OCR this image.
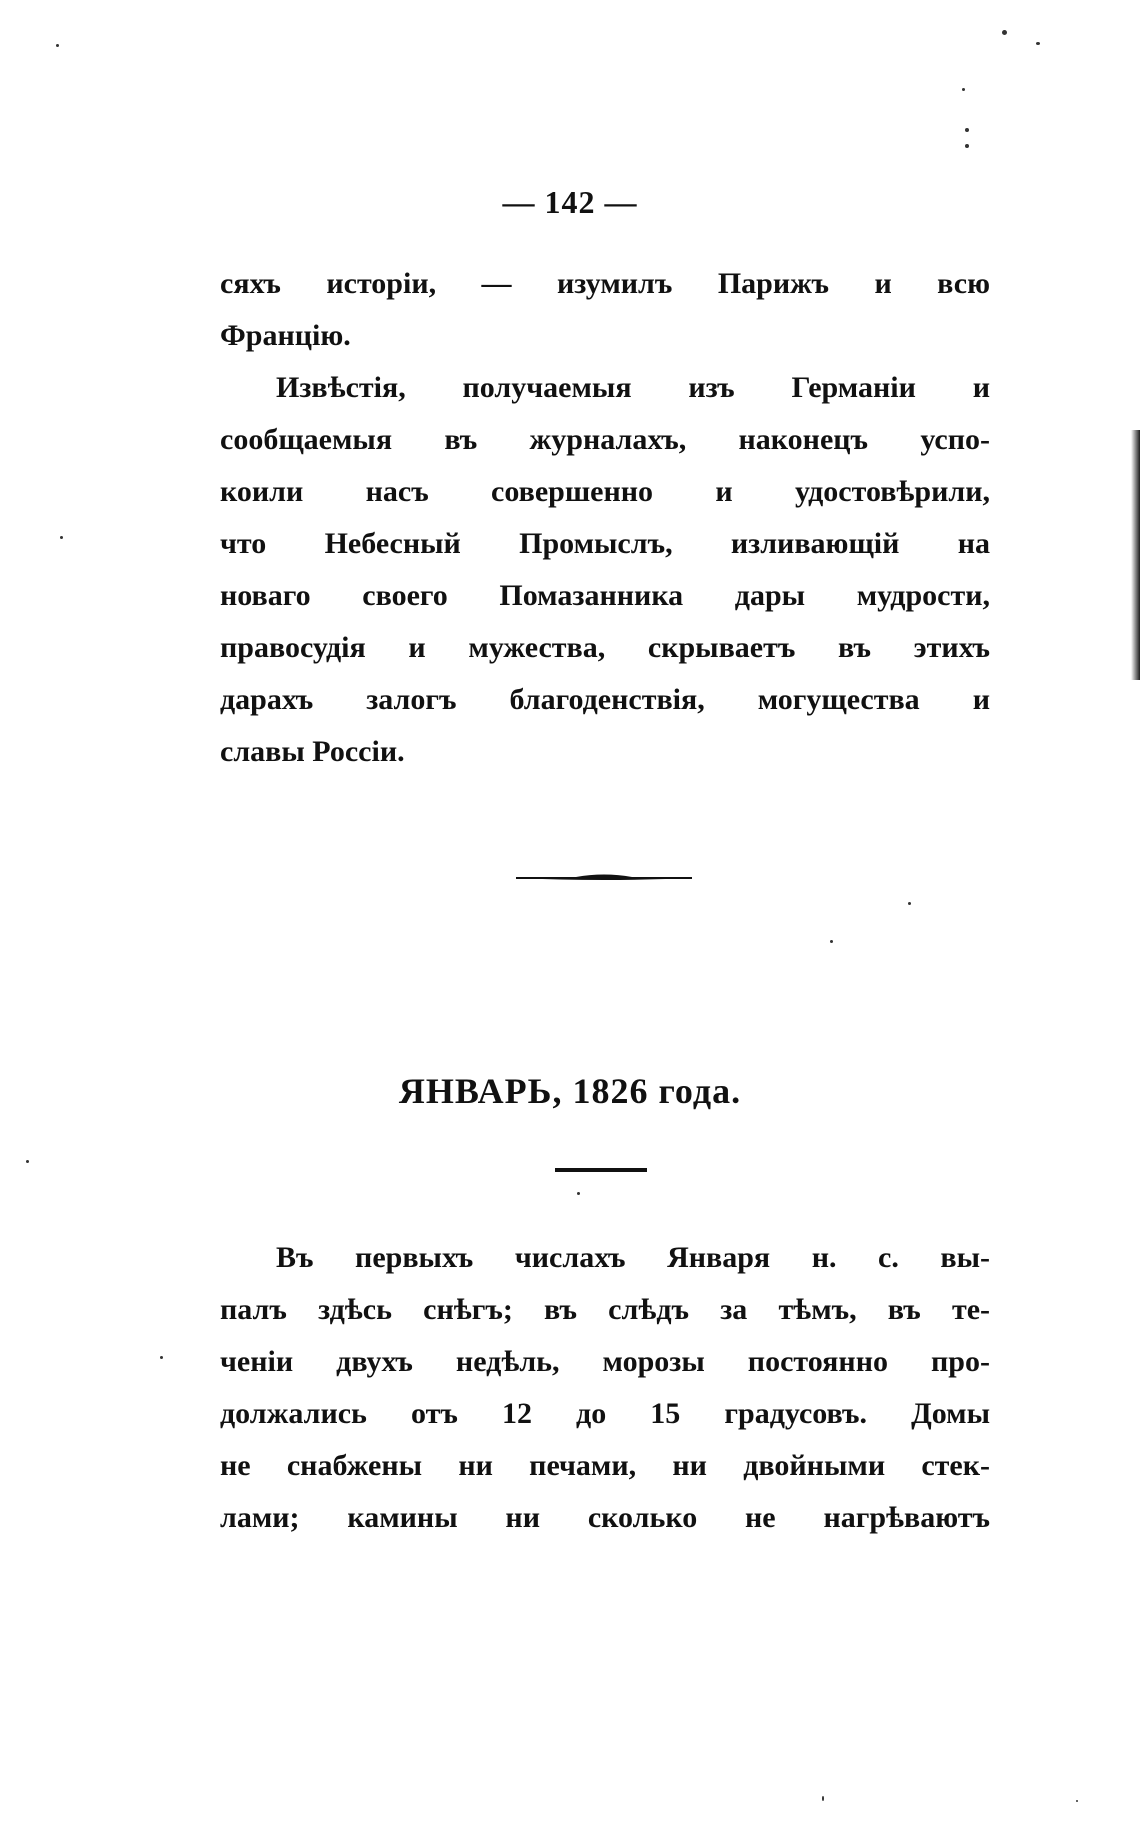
— 142 —
сяхъ исторіи, — изумилъ Парижъ и всю
Францію.
Извѣстія, получаемыя изъ Германіи и
сообщаемыя въ журналахъ, наконецъ успо-
коили насъ совершенно и удостовѣрили,
что Небесный Промыслъ, изливающій на
новаго своего Помазанника дары мудрости,
правосудія и мужества, скрываетъ въ этихъ
дарахъ залогъ благоденствія, могущества и
славы Россіи.
ЯНВАРЬ, 1826 года.
Въ первыхъ числахъ Января н. с. вы-
палъ здѣсь снѣгъ; въ слѣдъ за тѣмъ, въ те-
ченіи двухъ недѣль, морозы постоянно про-
должались отъ 12 до 15 градусовъ. Домы
не снабжены ни печами, ни двойными стек-
лами; камины ни сколько не нагрѣваютъ
